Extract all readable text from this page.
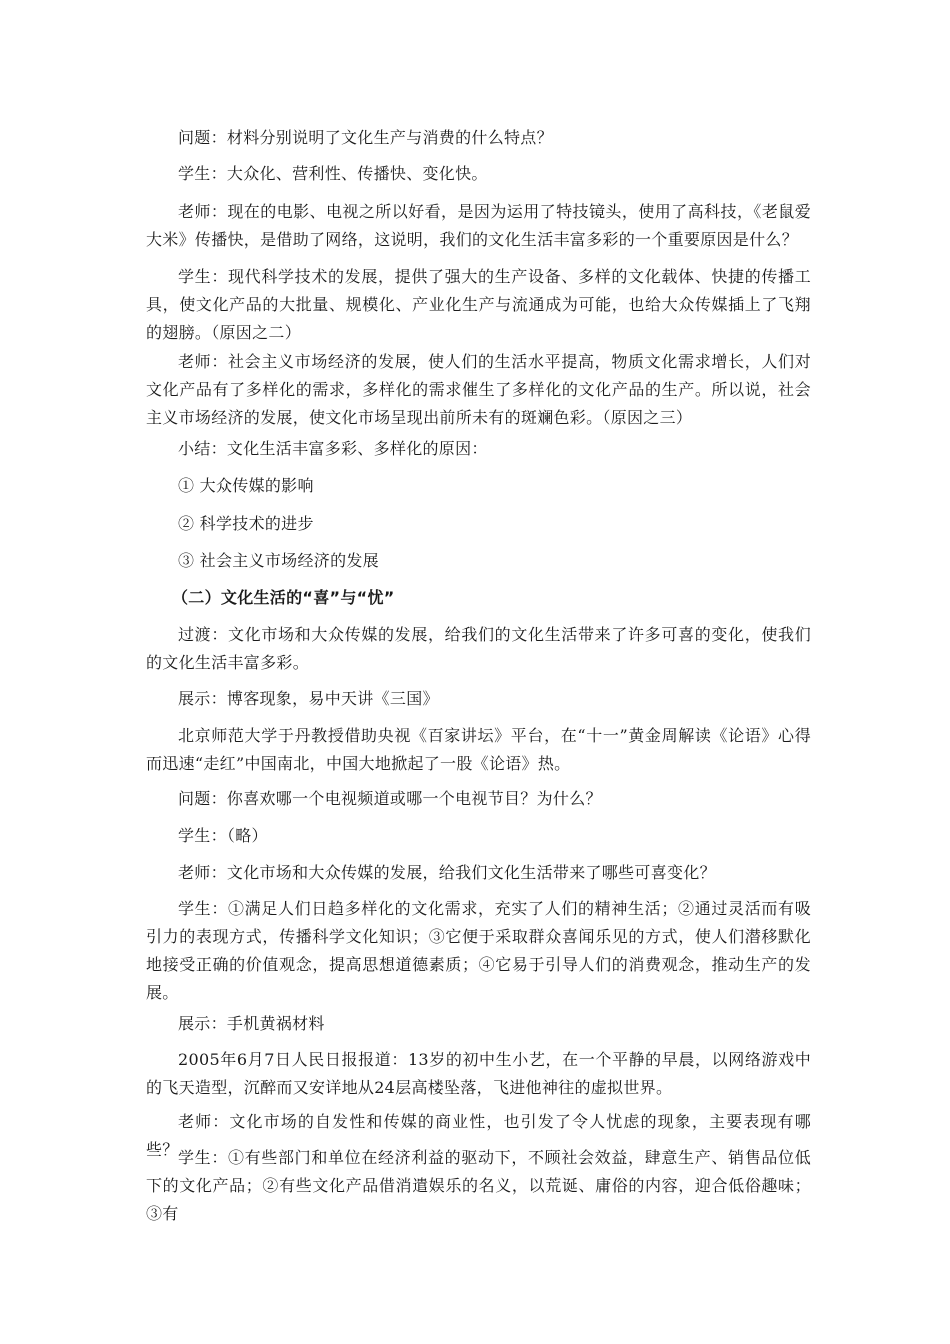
问题：材料分别说明了文化生产与消费的什么特点？

学生：大众化、营利性、传播快、变化快。

老师：现在的电影、电视之所以好看，是因为运用了特技镜头，使用了高科技，《老鼠爱大米》传播快，是借助了网络，这说明，我们的文化生活丰富多彩的一个重要原因是什么？

学生：现代科学技术的发展，提供了强大的生产设备、多样的文化载体、快捷的传播工具，使文化产品的大批量、规模化、产业化生产与流通成为可能，也给大众传媒插上了飞翔的翅膀。（原因之二）

老师：社会主义市场经济的发展，使人们的生活水平提高，物质文化需求增长，人们对文化产品有了多样化的需求，多样化的需求催生了多样化的文化产品的生产。所以说，社会主义市场经济的发展，使文化市场呈现出前所未有的斑斓色彩。（原因之三）

小结：文化生活丰富多彩、多样化的原因：

① 大众传媒的影响

② 科学技术的进步

③ 社会主义市场经济的发展

（二）文化生活的“喜”与“忧”

过渡：文化市场和大众传媒的发展，给我们的文化生活带来了许多可喜的变化，使我们的文化生活丰富多彩。

展示：博客现象，易中天讲《三国》

北京师范大学于丹教授借助央视《百家讲坛》平台，在“十一”黄金周解读《论语》心得而迅速“走红”中国南北，中国大地掀起了一股《论语》热。

问题：你喜欢哪一个电视频道或哪一个电视节目？为什么？

学生：（略）

老师：文化市场和大众传媒的发展，给我们文化生活带来了哪些可喜变化？

学生：①满足人们日趋多样化的文化需求，充实了人们的精神生活；②通过灵活而有吸引力的表现方式，传播科学文化知识；③它便于采取群众喜闻乐见的方式，使人们潜移默化地接受正确的价值观念，提高思想道德素质；④它易于引导人们的消费观念，推动生产的发展。

展示：手机黄祸材料

2005年6月7日人民日报报道：13岁的初中生小艺，在一个平静的早晨，以网络游戏中的飞天造型，沉醉而又安详地从24层高楼坠落，飞进他神往的虚拟世界。

老师：文化市场的自发性和传媒的商业性，也引发了令人忧虑的现象，主要表现有哪些？ 学生：①有些部门和单位在经济利益的驱动下，不顾社会效益，肆意生产、销售品位低下的文化产品；②有些文化产品借消遣娱乐的名义，以荒诞、庸俗的内容，迎合低俗趣味；③有
